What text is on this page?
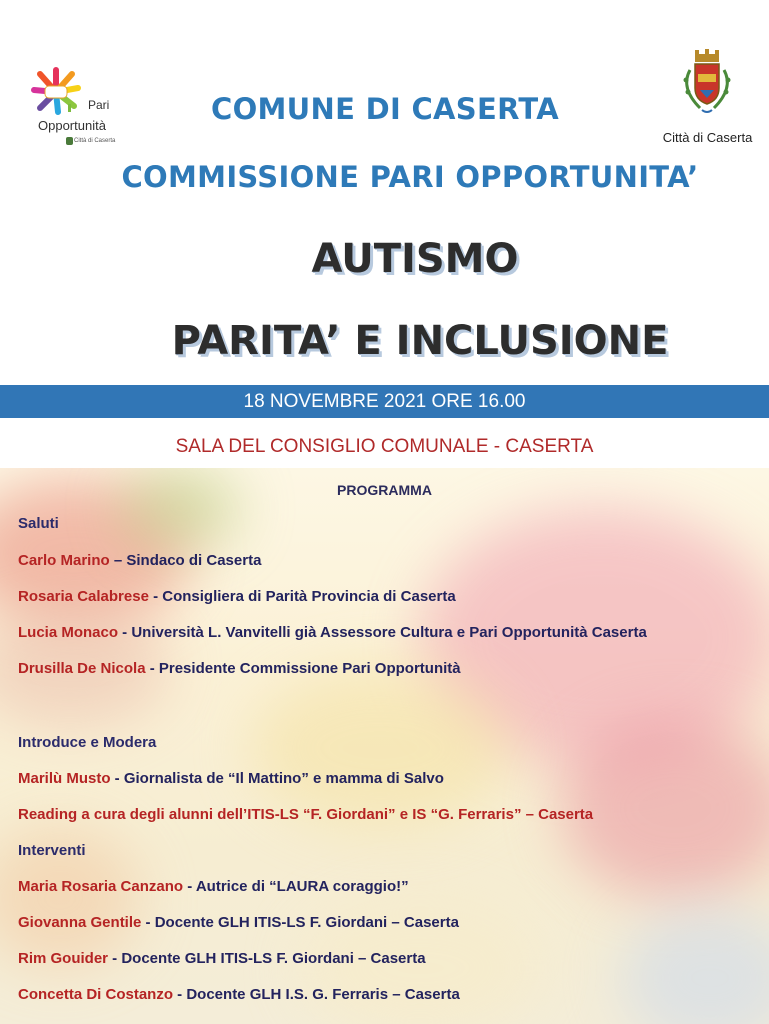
Pari
Opportunità
Città di Caserta	Città di Caserta
COMUNE DI CASERTA
COMMISSIONE PARI OPPORTUNITA’
AUTISMO
PARITA’ E INCLUSIONE
18 NOVEMBRE 2021 ORE 16.00
SALA DEL CONSIGLIO COMUNALE - CASERTA
PROGRAMMA
Saluti
Carlo Marino – Sindaco di Caserta
Rosaria Calabrese - Consigliera di Parità Provincia di Caserta
Lucia Monaco - Università L. Vanvitelli già Assessore Cultura e Pari Opportunità Caserta
Drusilla De Nicola - Presidente Commissione Pari Opportunità
Introduce e Modera
Marilù Musto - Giornalista de “Il Mattino” e mamma di Salvo
Reading a cura degli alunni dell’ITIS-LS “F. Giordani” e IS “G. Ferraris” – Caserta
Interventi
Maria Rosaria Canzano - Autrice di “LAURA coraggio!”
Giovanna Gentile - Docente GLH ITIS-LS F. Giordani – Caserta
Rim Gouider - Docente GLH ITIS-LS F. Giordani – Caserta
Concetta Di Costanzo - Docente GLH I.S. G. Ferraris – Caserta
